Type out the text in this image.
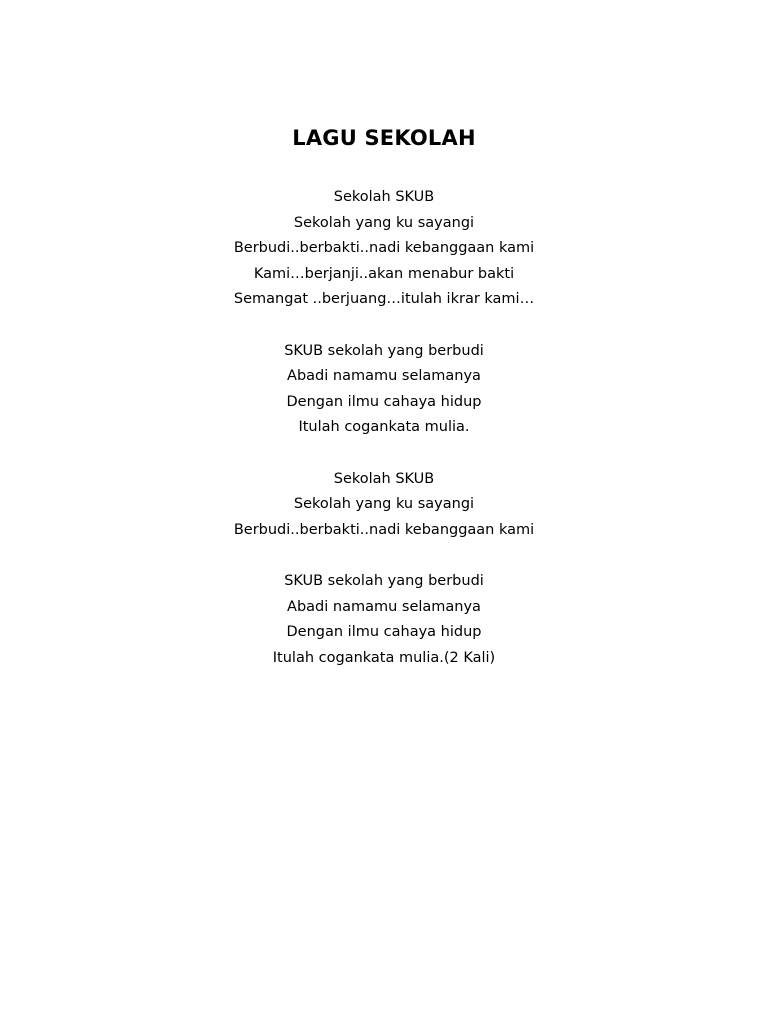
LAGU SEKOLAH
Sekolah SKUB
Sekolah yang ku sayangi
Berbudi..berbakti..nadi kebanggaan kami
Kami…berjanji..akan menabur bakti
Semangat ..berjuang…itulah ikrar kami…
SKUB sekolah yang berbudi
Abadi namamu selamanya
Dengan ilmu cahaya hidup
Itulah cogankata mulia.
Sekolah SKUB
Sekolah yang ku sayangi
Berbudi..berbakti..nadi kebanggaan kami
SKUB sekolah yang berbudi
Abadi namamu selamanya
Dengan ilmu cahaya hidup
Itulah cogankata mulia.(2 Kali)
